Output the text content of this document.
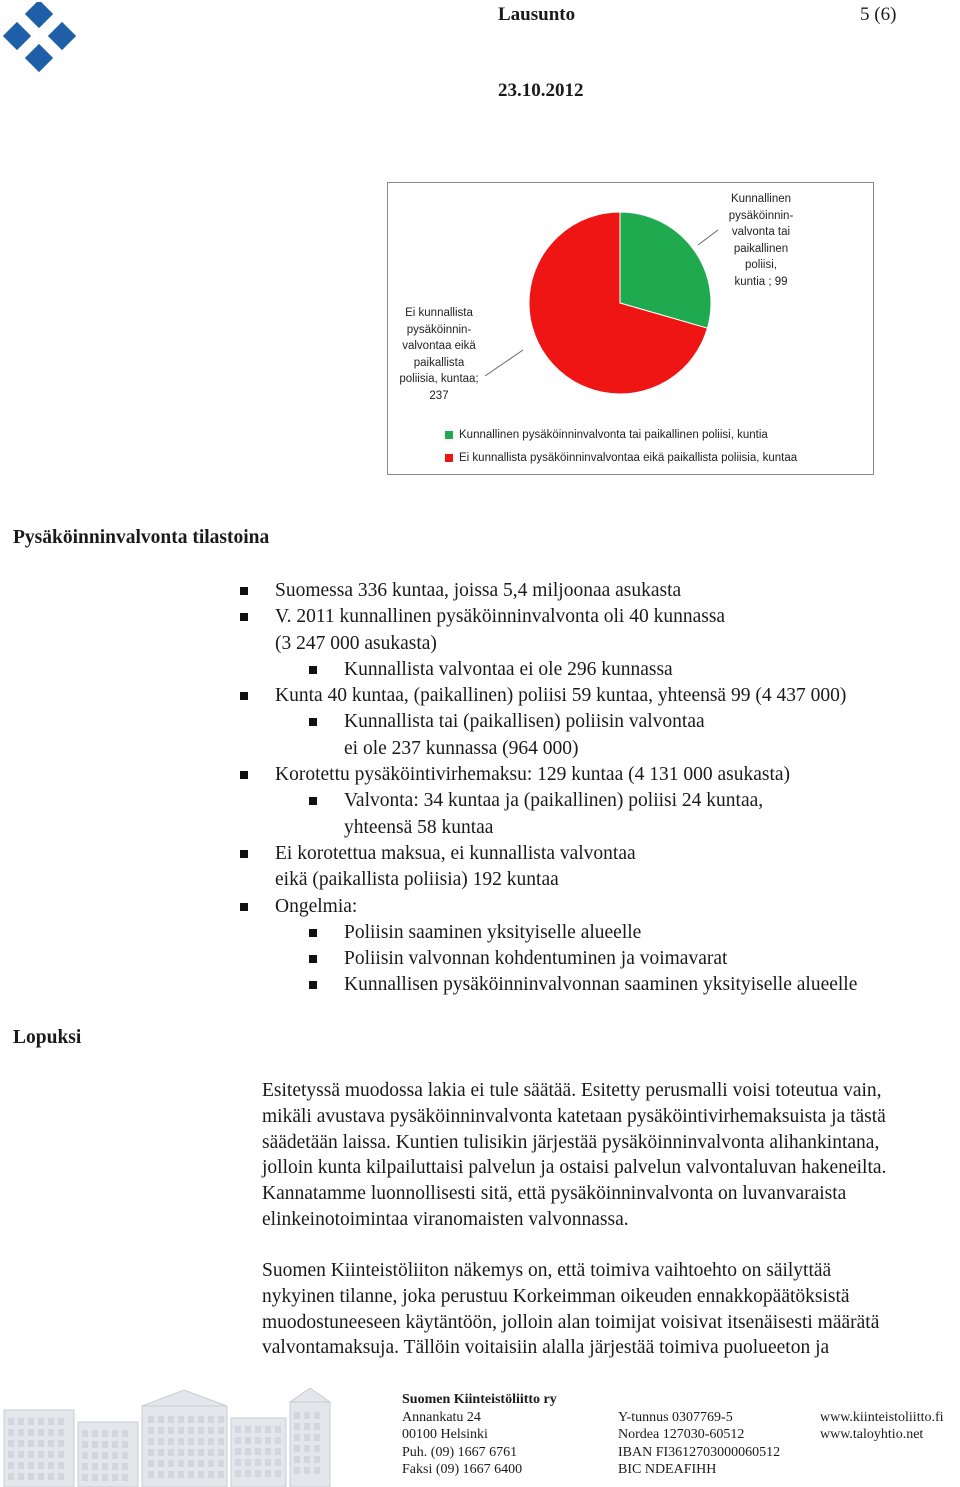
Lausunto	5 (6)
23.10.2012
Kunnallinen
pysäköinnin-
valvonta tai
paikallinen
poliisi,
kuntia ; 99
Ei kunnallista
pysäköinnin-
valvontaa eikä
paikallista
poliisia, kuntaa;
237
Kunnallinen pysäköinninvalvonta tai paikallinen poliisi, kuntia
Ei kunnallista pysäköinninvalvontaa eikä paikallista poliisia, kuntaa
Pysäköinninvalvonta tilastoina
Suomessa 336 kuntaa, joissa 5,4 miljoonaa asukasta
V. 2011 kunnallinen pysäköinninvalvonta oli 40 kunnassa
(3 247 000 asukasta)
Kunnallista valvontaa ei ole 296 kunnassa
Kunta 40 kuntaa, (paikallinen) poliisi 59 kuntaa, yhteensä 99 (4 437 000)
Kunnallista tai (paikallisen) poliisin valvontaa
ei ole 237 kunnassa (964 000)
Korotettu pysäköintivirhemaksu: 129 kuntaa (4 131 000 asukasta)
Valvonta: 34 kuntaa ja (paikallinen) poliisi 24 kuntaa,
yhteensä 58 kuntaa
Ei korotettua maksua, ei kunnallista valvontaa
eikä (paikallista poliisia) 192 kuntaa
Ongelmia:
Poliisin saaminen yksityiselle alueelle
Poliisin valvonnan kohdentuminen ja voimavarat
Kunnallisen pysäköinninvalvonnan saaminen yksityiselle alueelle
Lopuksi
Esitetyssä muodossa lakia ei tule säätää. Esitetty perusmalli voisi toteutua vain,
mikäli avustava pysäköinninvalvonta katetaan pysäköintivirhemaksuista ja tästä
säädetään laissa. Kuntien tulisikin järjestää pysäköinninvalvonta alihankintana,
jolloin kunta kilpailuttaisi palvelun ja ostaisi palvelun valvontaluvan hakeneilta.
Kannatamme luonnollisesti sitä, että pysäköinninvalvonta on luvanvaraista
elinkeinotoimintaa viranomaisten valvonnassa.
Suomen Kiinteistöliiton näkemys on, että toimiva vaihtoehto on säilyttää
nykyinen tilanne, joka perustuu Korkeimman oikeuden ennakkopäätöksistä
muodostuneeseen käytäntöön, jolloin alan toimijat voisivat itsenäisesti määrätä
valvontamaksuja. Tällöin voitaisiin alalla järjestää toimiva puolueeton ja
Suomen Kiinteistöliitto ry
Annankatu 24
00100 Helsinki
Puh. (09) 1667 6761
Faksi (09) 1667 6400
Y-tunnus 0307769-5
Nordea 127030-60512
IBAN FI3612703000060512
BIC NDEAFIHH
www.kiinteistoliitto.fi
www.taloyhtio.net
